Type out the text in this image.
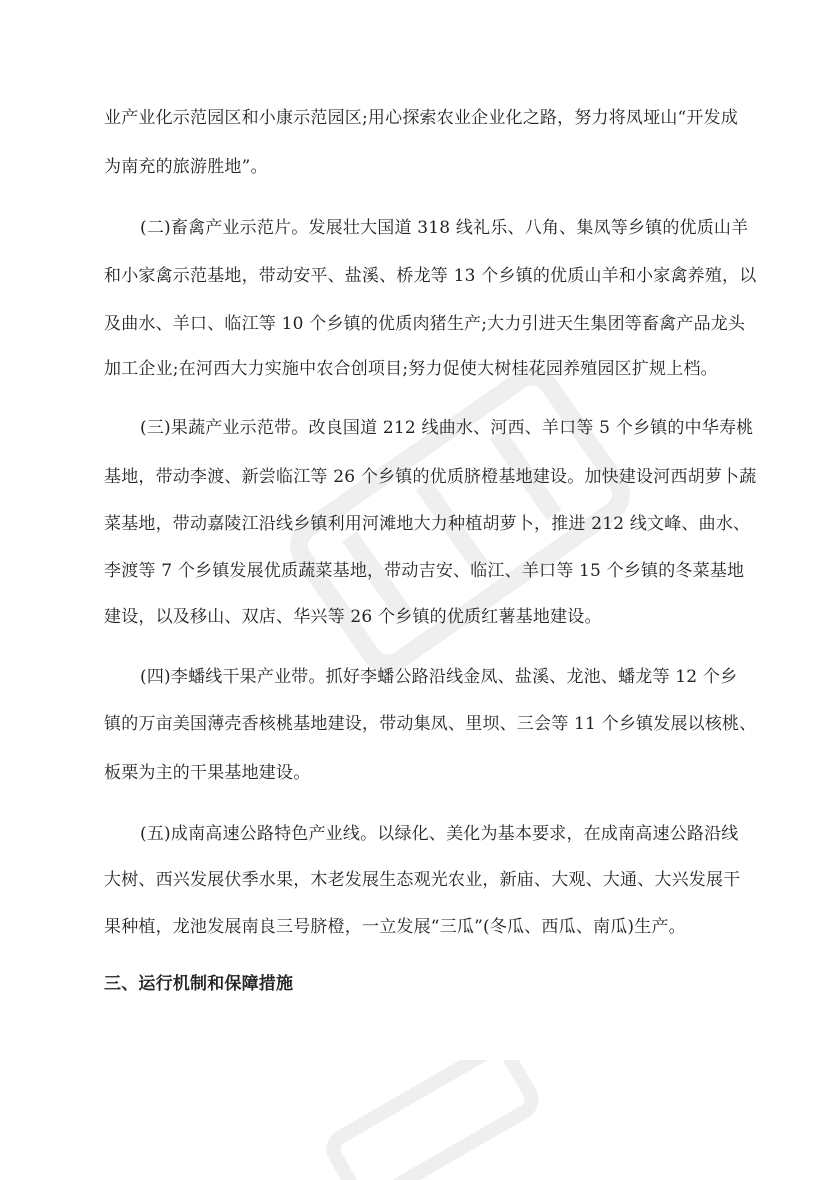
业产业化示范园区和小康示范园区;用心探索农业企业化之路，努力将凤垭山“开发成
为南充的旅游胜地”。
(二)畜禽产业示范片。发展壮大国道 318 线礼乐、八角、集凤等乡镇的优质山羊
和小家禽示范基地，带动安平、盐溪、桥龙等 13 个乡镇的优质山羊和小家禽养殖，以
及曲水、羊口、临江等 10 个乡镇的优质肉猪生产;大力引进天生集团等畜禽产品龙头
加工企业;在河西大力实施中农合创项目;努力促使大树桂花园养殖园区扩规上档。
(三)果蔬产业示范带。改良国道 212 线曲水、河西、羊口等 5 个乡镇的中华寿桃
基地，带动李渡、新尝临江等 26 个乡镇的优质脐橙基地建设。加快建设河西胡萝卜蔬
菜基地，带动嘉陵江沿线乡镇利用河滩地大力种植胡萝卜，推进 212 线文峰、曲水、
李渡等 7 个乡镇发展优质蔬菜基地，带动吉安、临江、羊口等 15 个乡镇的冬菜基地
建设，以及移山、双店、华兴等 26 个乡镇的优质红薯基地建设。
(四)李蟠线干果产业带。抓好李蟠公路沿线金凤、盐溪、龙池、蟠龙等 12 个乡
镇的万亩美国薄壳香核桃基地建设，带动集凤、里坝、三会等 11 个乡镇发展以核桃、
板栗为主的干果基地建设。
(五)成南高速公路特色产业线。以绿化、美化为基本要求，在成南高速公路沿线
大树、西兴发展伏季水果，木老发展生态观光农业，新庙、大观、大通、大兴发展干
果种植，龙池发展南良三号脐橙，一立发展“三瓜”(冬瓜、西瓜、南瓜)生产。
三、运行机制和保障措施
